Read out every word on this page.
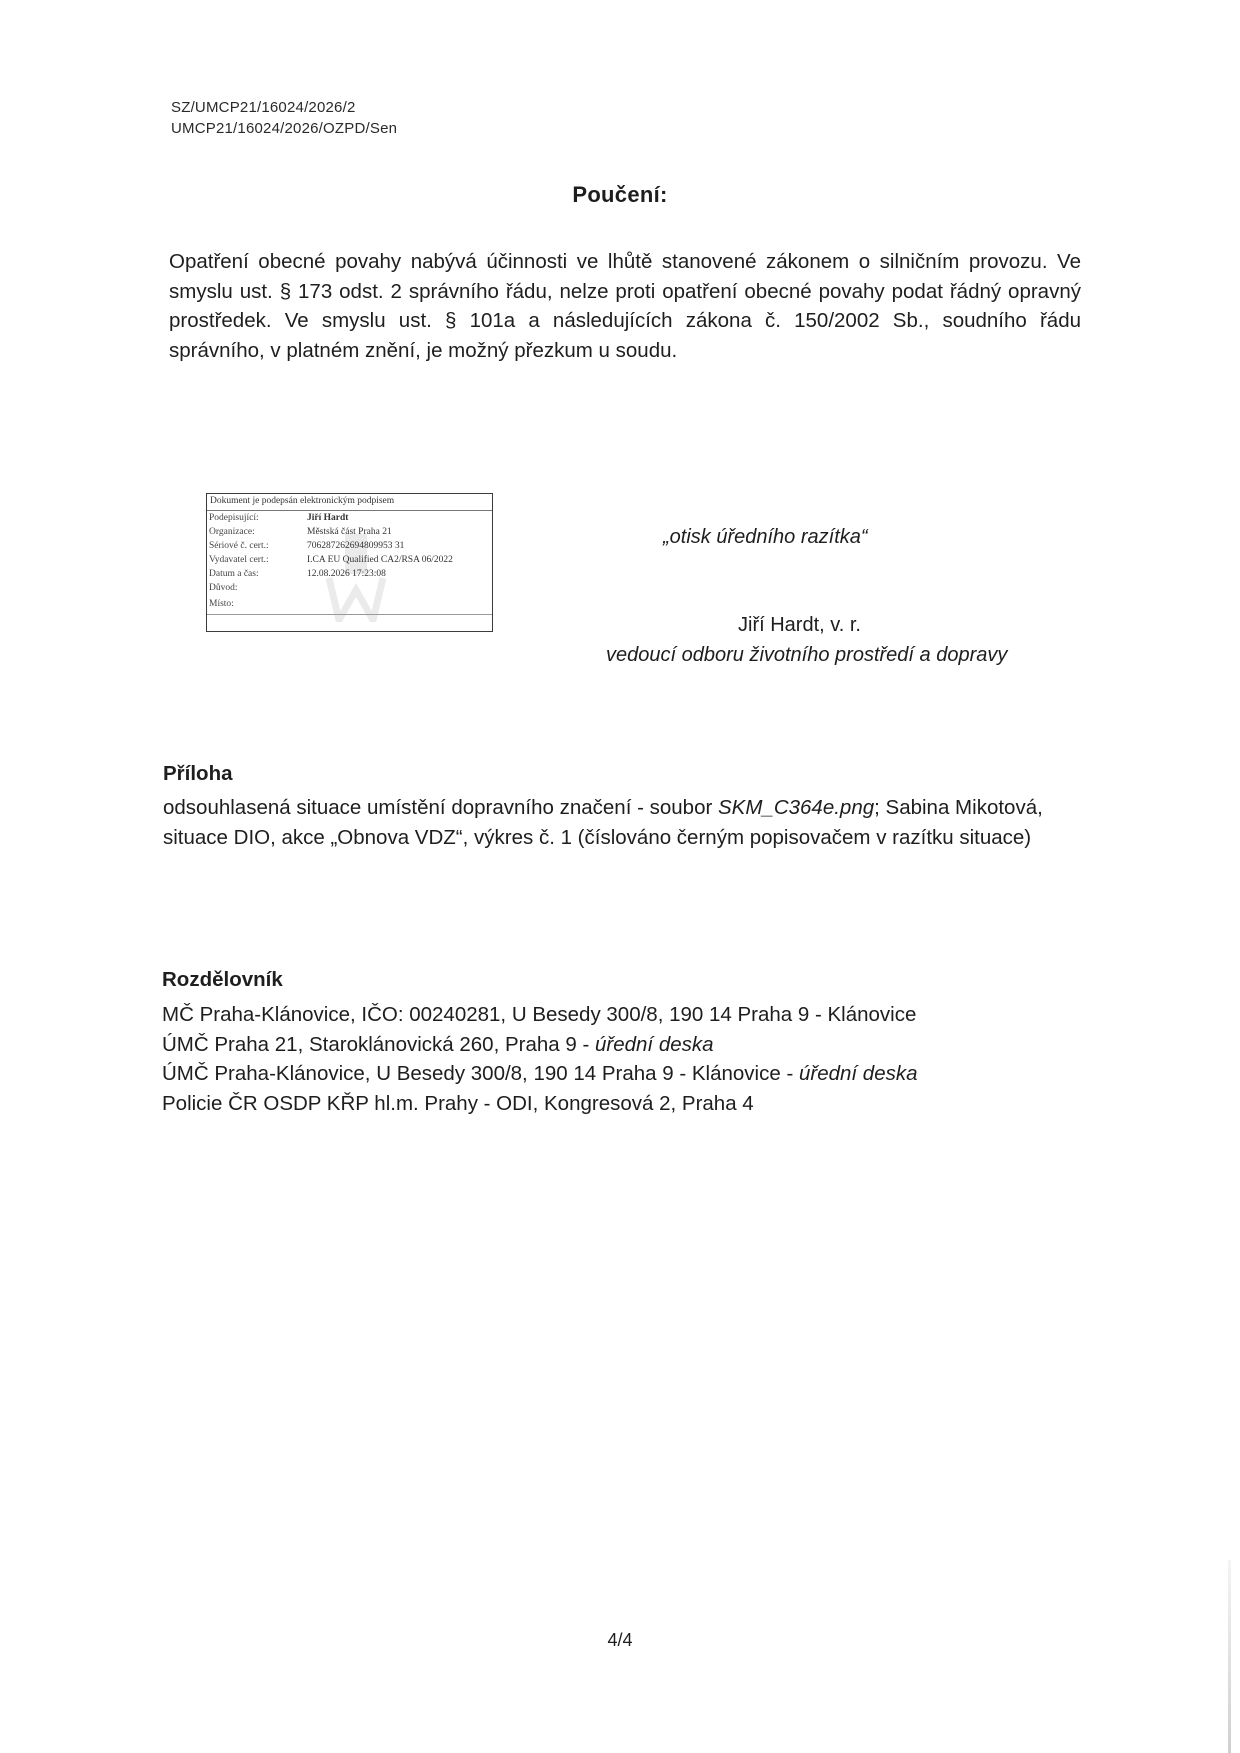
SZ/UMCP21/16024/2026/2
UMCP21/16024/2026/OZPD/Sen
Poučení:
Opatření obecné povahy nabývá účinnosti ve lhůtě stanovené zákonem o silničním provozu. Ve smyslu ust. § 173 odst. 2 správního řádu, nelze proti opatření obecné povahy podat řádný opravný prostředek. Ve smyslu ust. § 101a a následujících zákona č. 150/2002 Sb., soudního řádu správního, v platném znění, je možný přezkum u soudu.
Dokument je podepsán elektronickým podpisem
Podepisující:	Jiří Hardt
Organizace:	Městská část Praha 21
Sériové č. cert.:	706287262694809953 31
Vydavatel cert.:	I.CA EU Qualified CA2/RSA 06/2022
Datum a čas:	12.08.2026 17:23:08
Důvod:
Místo:
„otisk úředního razítka“
Jiří Hardt, v. r.
vedoucí odboru životního prostředí a dopravy
Příloha
odsouhlasená situace umístění dopravního značení - soubor SKM_C364e.png; Sabina Mikotová, situace DIO, akce „Obnova VDZ“, výkres č. 1 (číslováno černým popisovačem v razítku situace)
Rozdělovník
MČ Praha-Klánovice, IČO: 00240281, U Besedy 300/8, 190 14 Praha 9 - Klánovice
ÚMČ Praha 21, Staroklánovická 260, Praha 9 - úřední deska
ÚMČ Praha-Klánovice, U Besedy 300/8, 190 14 Praha 9 - Klánovice - úřední deska
Policie ČR OSDP KŘP hl.m. Prahy - ODI, Kongresová 2, Praha 4
4/4
